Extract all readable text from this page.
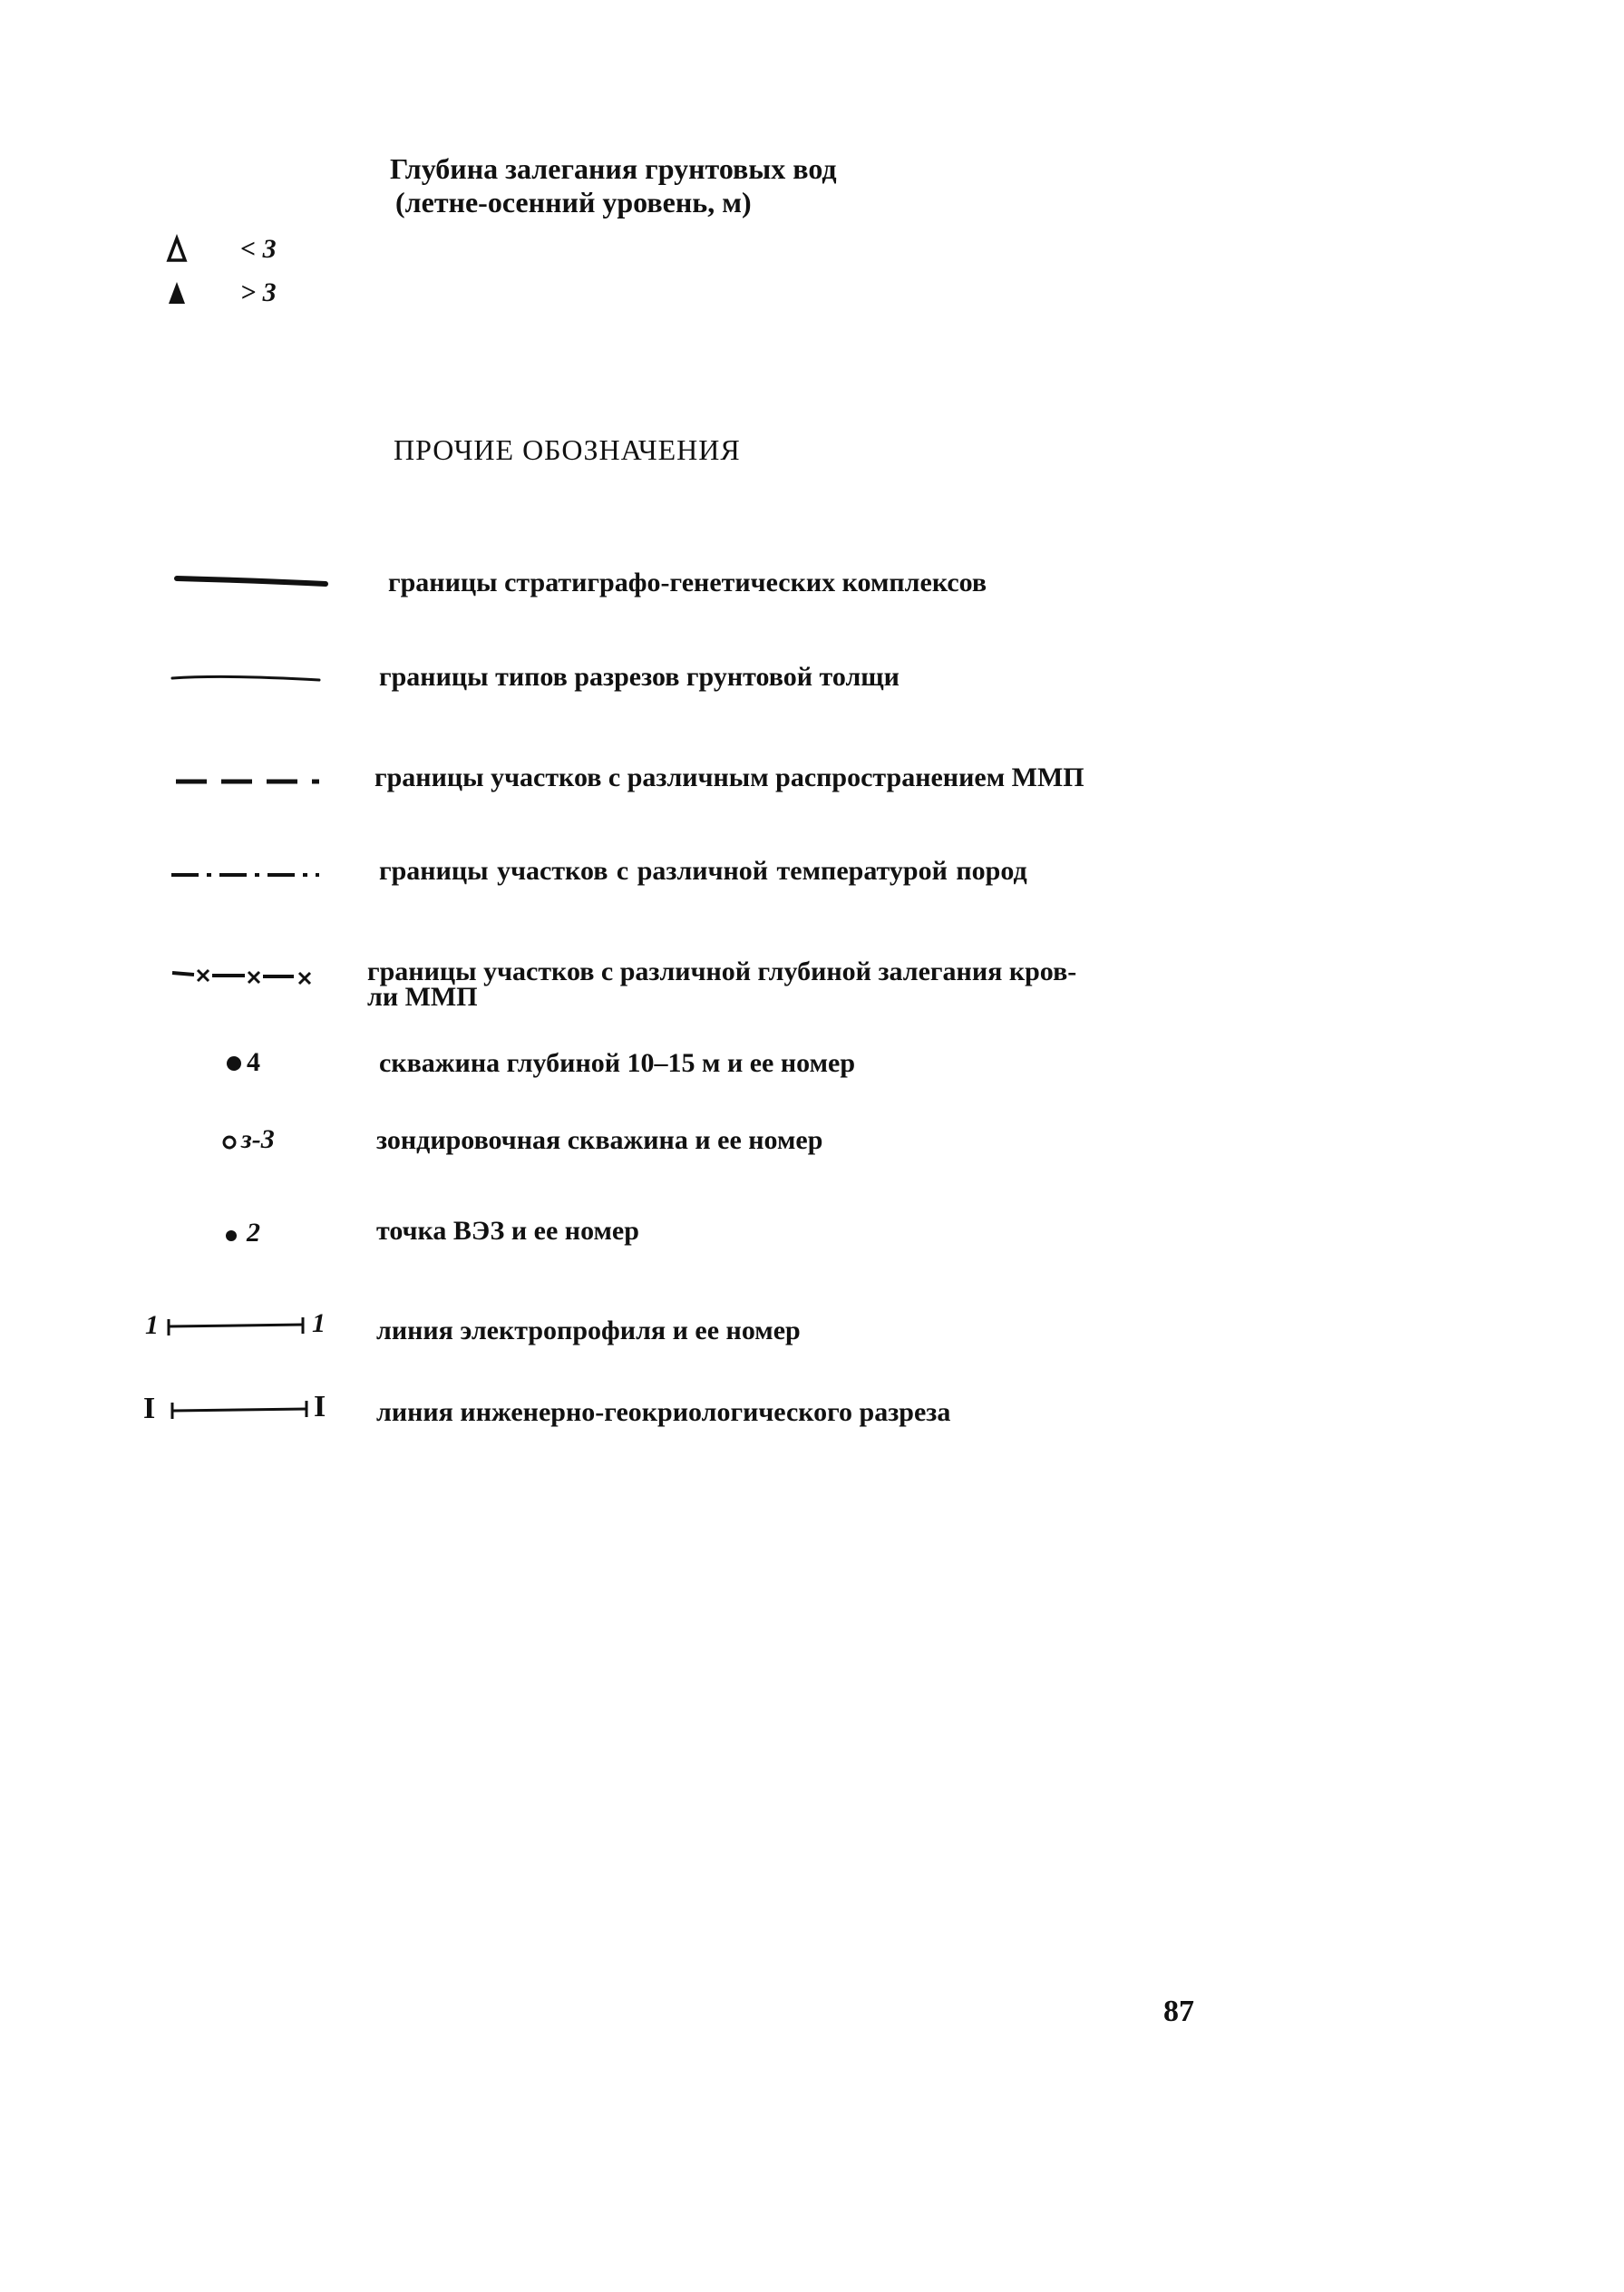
Глубина залегания грунтовых вод
(летне-осенний уровень, м)
< 3
> 3
ПРОЧИЕ ОБОЗНАЧЕНИЯ
границы стратиграфо-генетических комплексов
границы типов разрезов грунтовой толщи
границы участков с различным распространением ММП
границы участков с различной температурой пород
границы участков с различной глубиной залегания кров-
ли ММП
4	скважина глубиной 10–15 м и ее номер
з-3	зондировочная скважина и ее номер
2	точка ВЭЗ и ее номер
1	1 линия электропрофиля и ее номер
I	I линия инженерно-геокриологического разреза
87
